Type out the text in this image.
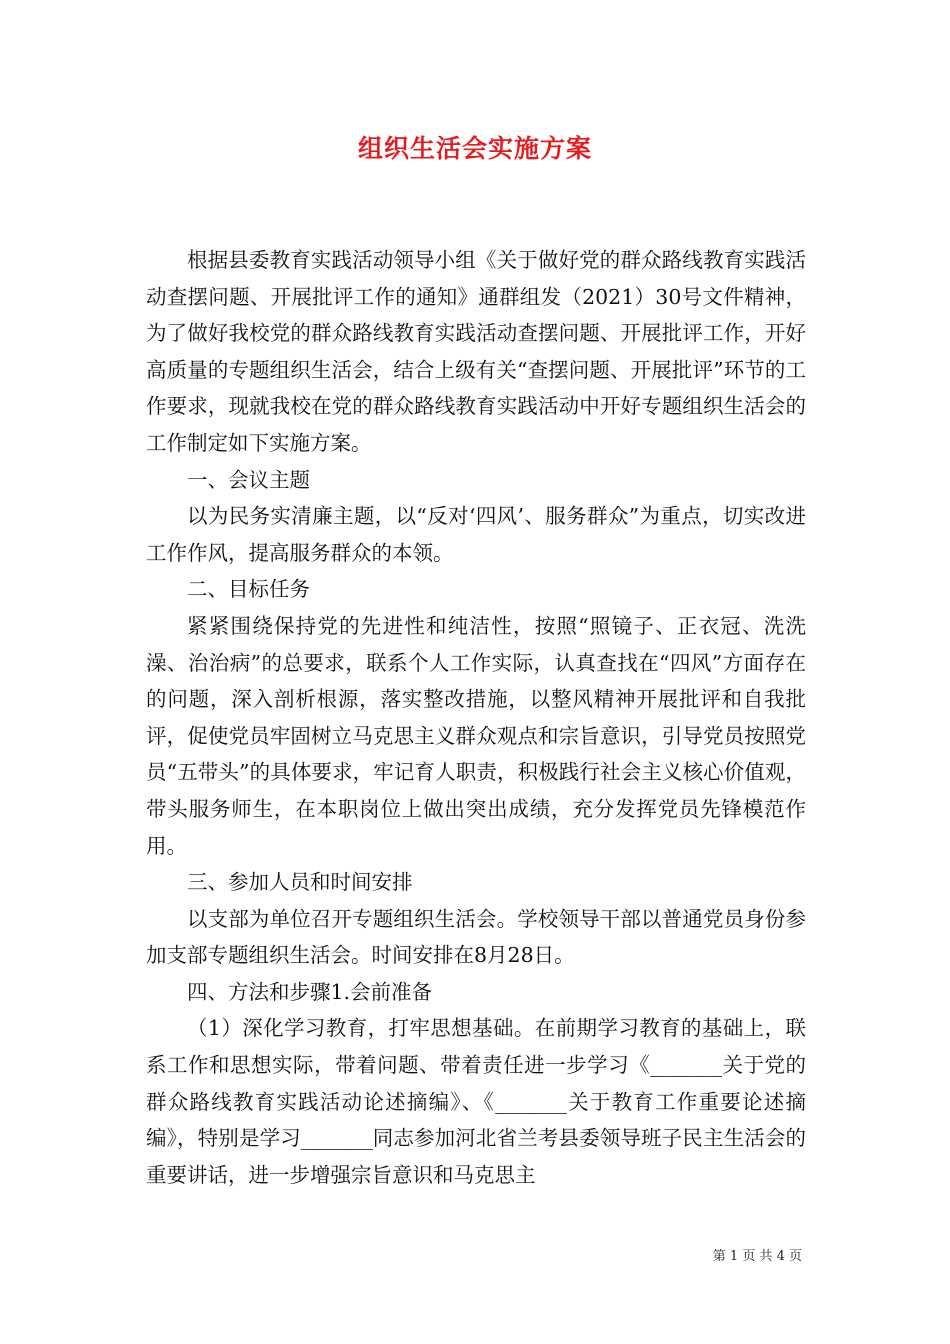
组织生活会实施方案

根据县委教育实践活动领导小组《关于做好党的群众路线教育实践活动查摆问题、开展批评工作的通知》通群组发（2021）30号文件精神，为了做好我校党的群众路线教育实践活动查摆问题、开展批评工作，开好高质量的专题组织生活会，结合上级有关“查摆问题、开展批评”环节的工作要求，现就我校在党的群众路线教育实践活动中开好专题组织生活会的工作制定如下实施方案。

一、会议主题

以为民务实清廉主题，以“反对‘四风’、服务群众”为重点，切实改进工作作风，提高服务群众的本领。

二、目标任务

紧紧围绕保持党的先进性和纯洁性，按照“照镜子、正衣冠、洗洗澡、治治病”的总要求，联系个人工作实际，认真查找在“四风”方面存在的问题，深入剖析根源，落实整改措施，以整风精神开展批评和自我批评，促使党员牢固树立马克思主义群众观点和宗旨意识，引导党员按照党员“五带头”的具体要求，牢记育人职责，积极践行社会主义核心价值观，带头服务师生，在本职岗位上做出突出成绩，充分发挥党员先锋模范作用。

三、参加人员和时间安排

以支部为单位召开专题组织生活会。学校领导干部以普通党员身份参加支部专题组织生活会。时间安排在8月28日。

四、方法和步骤1.会前准备

（1）深化学习教育，打牢思想基础。在前期学习教育的基础上，联系工作和思想实际，带着问题、带着责任进一步学习《_______关于党的群众路线教育实践活动论述摘编》、《_______关于教育工作重要论述摘编》，特别是学习_______同志参加河北省兰考县委领导班子民主生活会的重要讲话，进一步增强宗旨意识和马克思主

第 1 页 共 4 页
